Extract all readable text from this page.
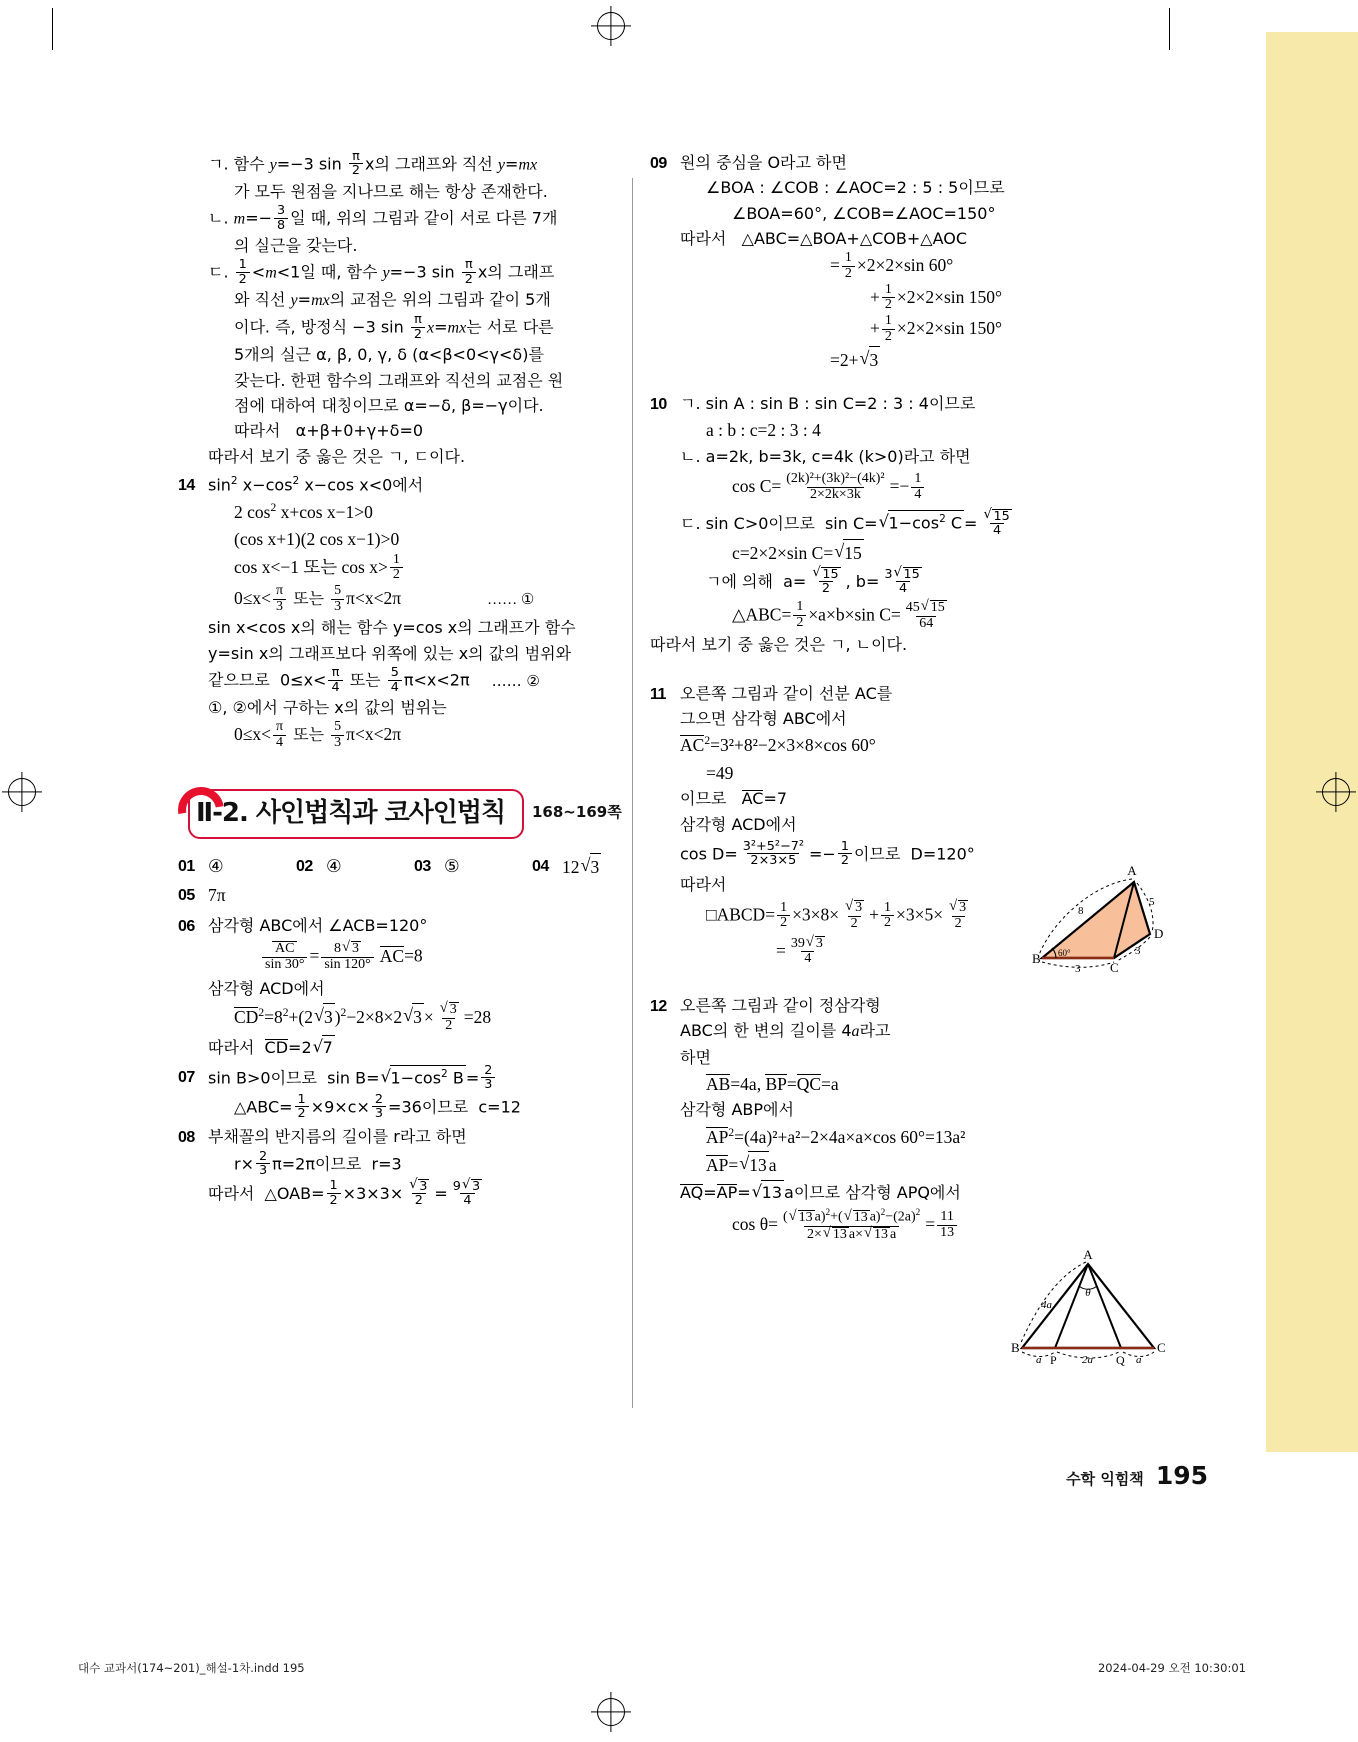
ㄱ. 함수 y=−3 $\sin \frac{\pi}{2}$ x의 그래프와 직선 y=mx
가 모두 원점을 지나므로 해는 항상 존재한다.
ㄴ. $m=- \frac{3}{8}$ 일 때, 위의 그림과 같이 서로 다른 7개
의 실근을 갖는다.
ㄷ. $\frac{1}{2} <m<1$일 때, 함수 y=−3 $\sin \frac{\pi}{2}$ x의 그래프
와 직선 y=mx의 교점은 위의 그림과 같이 5개
이다. 즉, 방정식 −3 $\sin \frac{\pi}{2} x=mx$는 서로 다른
5개의 실근 α, β, 0, γ, δ (α<β<0<γ<δ)를
갖는다. 한편 함수의 그래프와 직선의 교점은 원
점에 대하여 대칭이므로 α=−δ, β=−γ이다.
따라서 α+β+0+γ+δ=0
따라서 보기 중 옳은 것은 ㄱ, ㄷ이다.
14 $\sin^2 x-\cos^2$ x−cos x<0에서
2 $\cos^2 x+\cos$ x−1>0
(cos x+1)(2 cos x−1)>0
cos x<−1 또는 $\cos x> \frac{1}{2}$
$0\le x< \frac{\pi}{3}$ 또는 $\frac{5}{3} \pi<x<2\pi$	…… ①
sin x<cos x의 해는 함수 y=cos x의 그래프가 함수
y=sin x의 그래프보다 위쪽에 있는 x의 값의 범위와
같으므로 $0\le x< \frac{\pi}{4}$ 또는 $\frac{5}{4} \pi<x<2\pi$ …… ②
①, ②에서 구하는 x의 값의 범위는
$0\le x< \frac{\pi}{4}$ 또는 $\frac{5}{3} \pi<x<2\pi$
Ⅱ-2. 사인법칙과 코사인법칙 168~169쪽
01 ④	02 ④	03 ⑤	04 12 √ 3
05 7π
06 삼각형 ABC에서 ∠ACB=120°
$\frac{AC}{\sin 30^\circ} = \frac{8 √ 3}{\sin 120^\circ} AC=8$
삼각형 ACD에서
$CD^2=8^2+(2$ √ 3 )$^2$−2×8×2 √ 3 × √ $\frac{3}{2} =28$
따라서 CD=2 √ 7
07 sin B>0이므로 sin B= √ $1-\cos^2$ $B = \frac{2}{3}$
△ABC= $\frac{1}{2} \times 9\times c\times \frac{2}{3} =36$이므로 c=12
08 부채꼴의 반지름의 길이를 r라고 하면
$r\times \frac{2}{3} \pi=2\pi$이므로 r=3
따라서 △OAB= $\frac{1}{2} \times 3\times 3\times$ √ $\frac{3}{2} = \frac{9 √ 3}{4}$
09 원의 중심을 O라고 하면
∠BOA : ∠COB : ∠AOC=2 : 5 : 5이므로
∠BOA=60°, ∠COB=∠AOC=150°
따라서 △ABC=△BOA+△COB+△AOC
= $\frac{1}{2} \times 2\times 2\times\sin$ 60°
+ $\frac{1}{2} \times 2\times 2\times\sin$ 150°
+ $\frac{1}{2} \times 2\times 2\times\sin$ 150°
=2+ √ 3
10 ㄱ. sin A : sin B : sin C=2 : 3 : 4이므로
a : b : c=2 : 3 : 4
ㄴ. a=2k, b=3k, c=4k (k>0)라고 하면
$\cos C= \frac{\text{(2k)²+(3k)²−(4k)²}}{2\times 2k\times 3k} =- \frac{1}{4}$
ㄷ. sin C>0이므로 sin C= √ $1-\cos^2$ C = √ $\frac{15}{4}$
c=2×2×sin C= √ 15
ㄱ에 의해 a= √ $\frac{15}{2}$ , $b= \frac{3 √ 15}{4}$
△ABC= $\frac{1}{2} \times a\times b\times\sin$ $C= \frac{45 √ 15}{64}$
따라서 보기 중 옳은 것은 ㄱ, ㄴ이다.
11 오른쪽 그림과 같이 선분 AC를
그으면 삼각형 ABC에서
$AC^2=3^2+8^2-2\times 3\times 8\times\cos$ 60°
=49
이므로 AC=7
삼각형 ACD에서
$\cos D= \frac{\text{3²+5²−7²}}{2\times 3\times 5} =- \frac{1}{2}$ 이므로 D=120°
따라서
□ABCD= $\frac{1}{2} \times 3\times 8\times$ √ $\frac{3}{2} + \frac{1}{2} \times 3\times 5\times$ √ $\frac{3}{2}$
= $\frac{39 √ 3}{4}$
12 오른쪽 그림과 같이 정삼각형
ABC의 한 변의 길이를 4a라고
하면
AB=4a, BP=QC=a
삼각형 ABP에서
$AP^2=(4a)^2+a^2-2\times 4a\times a\times\cos$ 60°=13a²
AP= √ 13 a
AQ=AP= √ 13 a이므로 삼각형 APQ에서
$\cos \theta= \frac{( √ 13 a)^2+( √ 13 a)^2-(2a)^2}{2\times √ 13 a\times √ 13 a} = \frac{11}{13}$
A
B
C
D
8
5
3
3
60°
A
B	C
P	Q
4a
θ
a	2a	a
수학 익힘책 195
대수 교과서(174~201)_해설-1차.indd 195	2024-04-29 오전 10:30:01
